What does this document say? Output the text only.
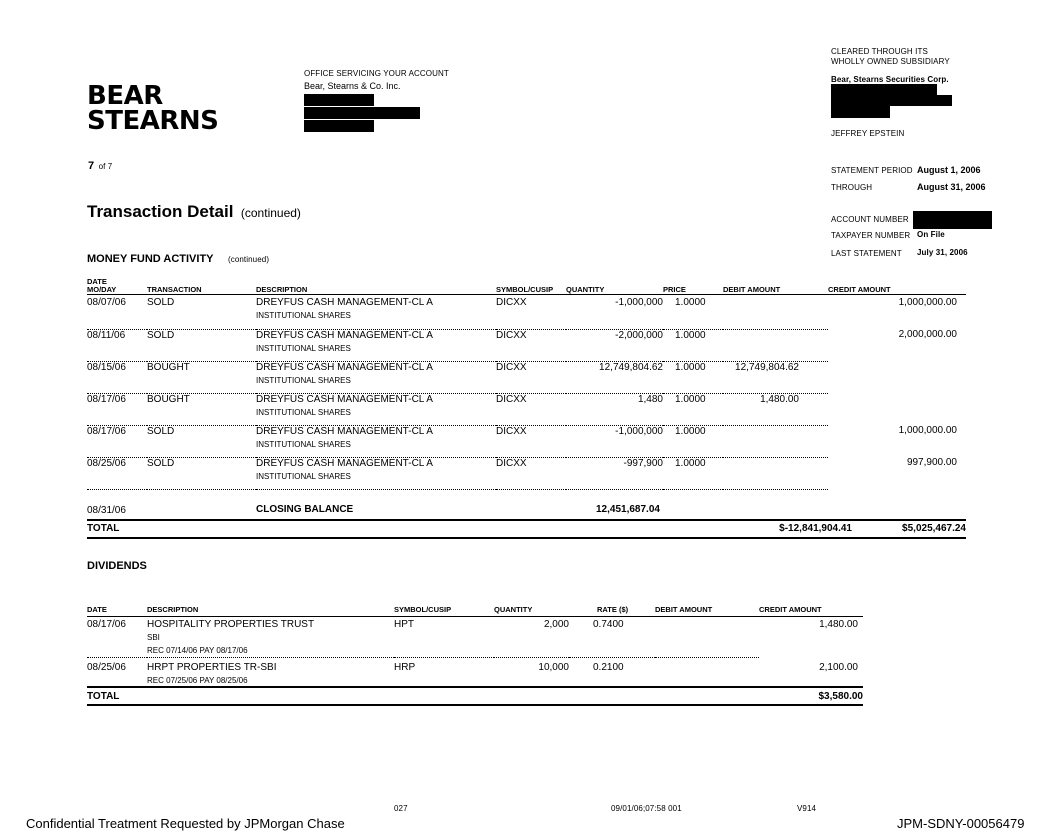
BEAR
STEARNS
7 of 7
OFFICE SERVICING YOUR ACCOUNT
Bear, Stearns & Co. Inc.
CLEARED THROUGH ITS
WHOLLY OWNED SUBSIDIARY
Bear, Stearns Securities Corp.
JEFFREY EPSTEIN
STATEMENT PERIOD August 1, 2006
THROUGH	August 31, 2006
ACCOUNT NUMBER
TAXPAYER NUMBER On File
LAST STATEMENT July 31, 2006
Transaction Detail (continued)
MONEY FUND ACTIVITY (continued)
DATE
MO/DAY	TRANSACTION	DESCRIPTION	SYMBOL/CUSIP	QUANTITY	PRICE	DEBIT AMOUNT	CREDIT AMOUNT

08/07/06	SOLD	DREYFUS CASH MANAGEMENT-CL A
INSTITUTIONAL SHARES	DICXX	-1,000,000	1.0000		1,000,000.00
08/11/06	SOLD	DREYFUS CASH MANAGEMENT-CL A
INSTITUTIONAL SHARES	DICXX	-2,000,000	1.0000		2,000,000.00
08/15/06	BOUGHT	DREYFUS CASH MANAGEMENT-CL A
INSTITUTIONAL SHARES	DICXX	12,749,804.62	1.0000	12,749,804.62	
08/17/06	BOUGHT	DREYFUS CASH MANAGEMENT-CL A
INSTITUTIONAL SHARES	DICXX	1,480	1.0000	1,480.00	
08/17/06	SOLD	DREYFUS CASH MANAGEMENT-CL A
INSTITUTIONAL SHARES	DICXX	-1,000,000	1.0000		1,000,000.00
08/25/06	SOLD	DREYFUS CASH MANAGEMENT-CL A
INSTITUTIONAL SHARES	DICXX	-997,900	1.0000		997,900.00
08/31/06	CLOSING BALANCE	12,451,687.04
TOTAL	$-12,841,904.41	$5,025,467.24
DIVIDENDS
DATE	DESCRIPTION	SYMBOL/CUSIP	QUANTITY	RATE ($)	DEBIT AMOUNT	CREDIT AMOUNT

08/17/06	HOSPITALITY PROPERTIES TRUST
SBI
REC 07/14/06 PAY 08/17/06	HPT	2,000	0.7400		1,480.00
08/25/06	HRPT PROPERTIES TR-SBI
REC 07/25/06 PAY 08/25/06	HRP	10,000	0.2100		2,100.00
TOTAL	$3,580.00
027	09/01/06;07:58 001	V914
Confidential Treatment Requested by JPMorgan Chase	JPM-SDNY-00056479
